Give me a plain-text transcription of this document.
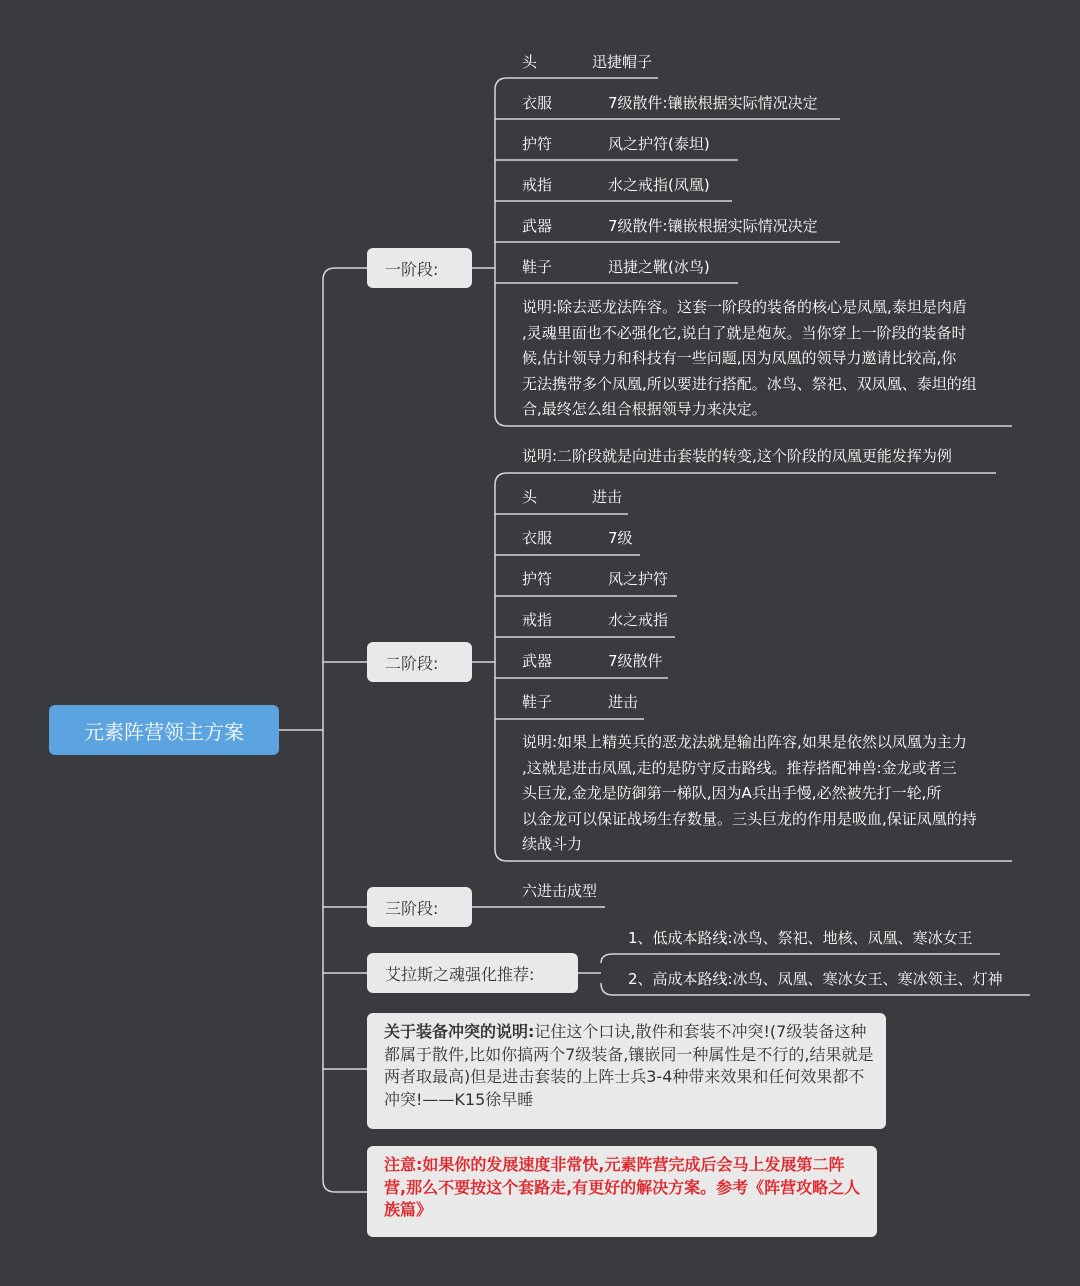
元素阵营领主方案
一阶段:
头	迅捷帽子
衣服	7级散件:镶嵌根据实际情况决定
护符	风之护符(泰坦)
戒指	水之戒指(凤凰)
武器	7级散件:镶嵌根据实际情况决定
鞋子	迅捷之靴(冰鸟)
说明:除去恶龙法阵容。这套一阶段的装备的核心是凤凰,泰坦是肉盾
,灵魂里面也不必强化它,说白了就是炮灰。当你穿上一阶段的装备时
候,估计领导力和科技有一些问题,因为凤凰的领导力邀请比较高,你
无法携带多个凤凰,所以要进行搭配。冰鸟、祭祀、双凤凰、泰坦的组
合,最终怎么组合根据领导力来决定。
二阶段:
说明:二阶段就是向进击套装的转变,这个阶段的凤凰更能发挥为例
头	进击
衣服	7级
护符	风之护符
戒指	水之戒指
武器	7级散件
鞋子	进击
说明:如果上精英兵的恶龙法就是输出阵容,如果是依然以凤凰为主力
,这就是进击凤凰,走的是防守反击路线。推荐搭配神兽:金龙或者三
头巨龙,金龙是防御第一梯队,因为A兵出手慢,必然被先打一轮,所
以金龙可以保证战场生存数量。三头巨龙的作用是吸血,保证凤凰的持
续战斗力
三阶段:
六进击成型
艾拉斯之魂强化推荐:
1、低成本路线:冰鸟、祭祀、地核、凤凰、寒冰女王
2、高成本路线:冰鸟、凤凰、寒冰女王、寒冰领主、灯神
关于装备冲突的说明:记住这个口诀,散件和套装不冲突!(7级装备这种都属于散件,比如你搞两个7级装备,镶嵌同一种属性是不行的,结果就是两者取最高)但是进击套装的上阵士兵3-4种带来效果和任何效果都不冲突!——K15徐早睡
注意:如果你的发展速度非常快,元素阵营完成后会马上发展第二阵营,那么不要按这个套路走,有更好的解决方案。参考《阵营攻略之人族篇》
